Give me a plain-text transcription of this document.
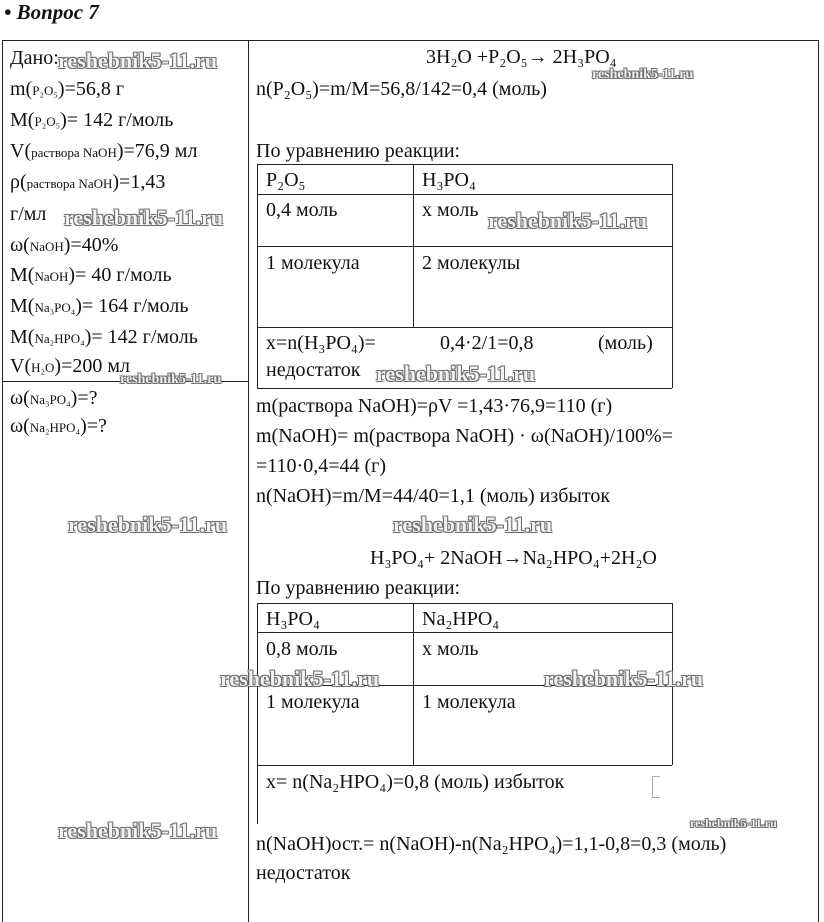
• Вопрос 7
Дано:
m(P₂O₅)=56,8 г
M(P₂O₅)= 142 г/моль
V(раствора NaOH)=76,9 мл
ρ(раствора NaOH)=1,43
г/мл
ω(NaOH)=40%
M(NaOH)= 40 г/моль
M(Na₃PO₄)= 164 г/моль
M(Na₂HPO₄)= 142 г/моль
V(H₂O)=200 мл
ω(Na₃PO₄)=?
ω(Na₂HPO₄)=?
3H₂O +P₂O₅→ 2H₃PO₄
n(P₂O₅)=m/M=56,8/142=0,4 (моль)
По уравнению реакции:
P₂O₅	H₃PO₄
0,4 моль	х моль
1 молекула	2 молекулы
x=n(H₃PO₄)=	0,4·2/1=0,8	(моль)
недостаток
m(раствора NaOH)=ρV =1,43·76,9=110 (г)
m(NaOH)= m(раствора NaOH) · ω(NaOH)/100%=
=110·0,4=44 (г)
n(NaOH)=m/M=44/40=1,1 (моль) избыток
H₃PO₄+ 2NaOH→Na₂HPO₄+2H₂O
По уравнению реакции:
H₃PO₄	Na₂HPO₄
0,8 моль	х моль
1 молекула	1 молекула
x= n(Na₂HPO₄)=0,8 (моль) избыток
n(NaOH)ост.= n(NaOH)-n(Na₂HPO₄)=1,1-0,8=0,3 (моль)
недостаток
reshebnik5-11.ru
reshebnik5-11.ru
reshebnik5-11.ru	reshebnik5-11.ru
reshebnik5-11.ru
reshebnik5-11.ru
reshebnik5-11.ru	reshebnik5-11.ru
reshebnik5-11.ru	reshebnik5-11.ru
reshebnik5-11.ru	reshebnik5-11.ru
